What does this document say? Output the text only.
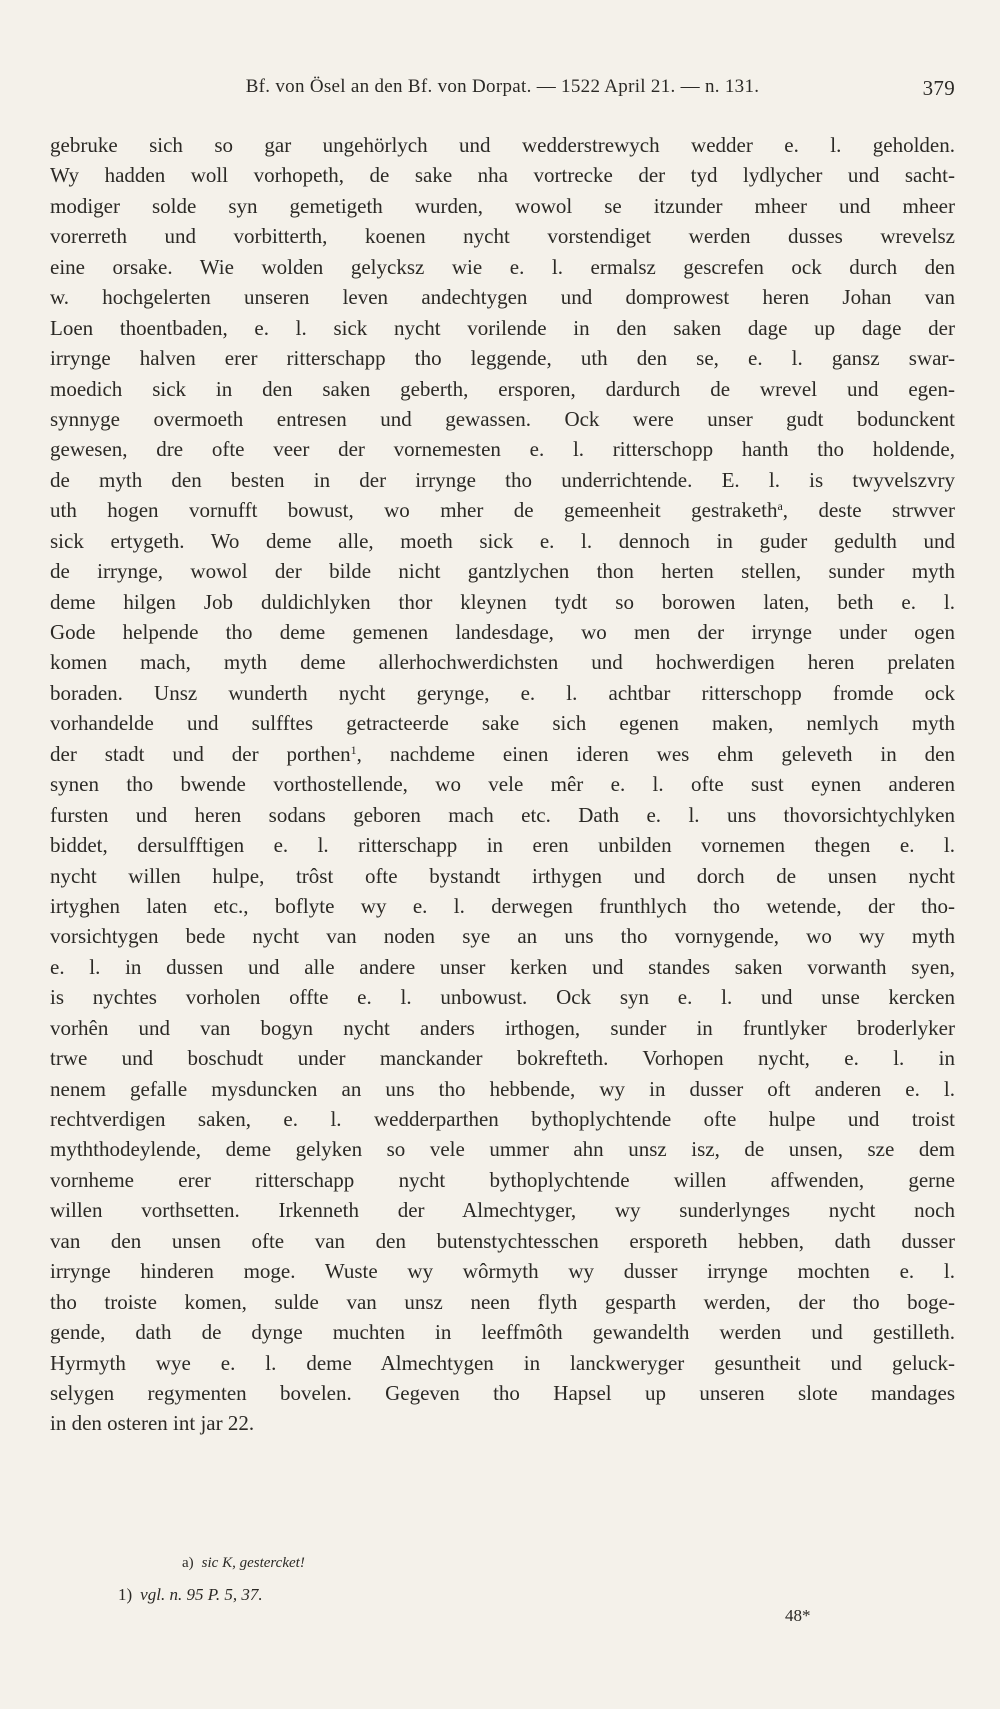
Bf. von Ösel an den Bf. von Dorpat. — 1522 April 21. — n. 131.	379
gebruke sich so gar ungehörlych und wedderstrewych wedder e. l. geholden.
Wy hadden woll vorhopeth, de sake nha vortrecke der tyd lydlycher und sacht-
modiger solde syn gemetigeth wurden, wowol se itzunder mheer und mheer
vorerreth und vorbitterth, koenen nycht vorstendiget werden dusses wrevelsz
eine orsake. Wie wolden gelycksz wie e. l. ermalsz gescrefen ock durch den
w. hochgelerten unseren leven andechtygen und domprowest heren Johan van
Loen thoentbaden, e. l. sick nycht vorilende in den saken dage up dage der
irrynge halven erer ritterschapp tho leggende, uth den se, e. l. gansz swar-
moedich sick in den saken geberth, ersporen, dardurch de wrevel und egen-
synnyge overmoeth entresen und gewassen. Ock were unser gudt bodunckent
gewesen, dre ofte veer der vornemesten e. l. ritterschopp hanth tho holdende,
de myth den besten in der irrynge tho underrichtende. E. l. is twyvelszvry
uth hogen vornufft bowust, wo mher de gemeenheit gestraketh$^a$, deste strwver
sick ertygeth. Wo deme alle, moeth sick e. l. dennoch in guder gedulth und
de irrynge, wowol der bilde nicht gantzlychen thon herten stellen, sunder myth
deme hilgen Job duldichlyken thor kleynen tydt so borowen laten, beth e. l.
Gode helpende tho deme gemenen landesdage, wo men der irrynge under ogen
komen mach, myth deme allerhochwerdichsten und hochwerdigen heren prelaten
boraden. Unsz wunderth nycht gerynge, e. l. achtbar ritterschopp fromde ock
vorhandelde und sulfftes getracteerde sake sich egenen maken, nemlych myth
der stadt und der porthen$^1$, nachdeme einen ideren wes ehm geleveth in den
synen tho bwende vorthostellende, wo vele mêr e. l. ofte sust eynen anderen
fursten und heren sodans geboren mach etc. Dath e. l. uns thovorsichtychlyken
biddet, dersulfftigen e. l. ritterschapp in eren unbilden vornemen thegen e. l.
nycht willen hulpe, trôst ofte bystandt irthygen und dorch de unsen nycht
irtyghen laten etc., boflyte wy e. l. derwegen frunthlych tho wetende, der tho-
vorsichtygen bede nycht van noden sye an uns tho vornygende, wo wy myth
e. l. in dussen und alle andere unser kerken und standes saken vorwanth syen,
is nychtes vorholen offte e. l. unbowust. Ock syn e. l. und unse kercken
vorhên und van bogyn nycht anders irthogen, sunder in fruntlyker broderlyker
trwe und boschudt under manckander bokrefteth. Vorhopen nycht, e. l. in
nenem gefalle mysduncken an uns tho hebbende, wy in dusser oft anderen e. l.
rechtverdigen saken, e. l. wedderparthen bythoplychtende ofte hulpe und troist
myththodeylende, deme gelyken so vele ummer ahn unsz isz, de unsen, sze dem
vornheme erer ritterschapp nycht bythoplychtende willen affwenden, gerne
willen vorthsetten. Irkenneth der Almechtyger, wy sunderlynges nycht noch
van den unsen ofte van den butenstychtesschen ersporeth hebben, dath dusser
irrynge hinderen moge. Wuste wy wôrmyth wy dusser irrynge mochten e. l.
tho troiste komen, sulde van unsz neen flyth gesparth werden, der tho boge-
gende, dath de dynge muchten in leeffmôth gewandelth werden und gestilleth.
Hyrmyth wye e. l. deme Almechtygen in lanckweryger gesuntheit und geluck-
selygen regymenten bovelen. Gegeven tho Hapsel up unseren slote mandages
in den osteren int jar 22.
a) sic K, gestercket!
1) vgl. n. 95 P. 5, 37.
48*
